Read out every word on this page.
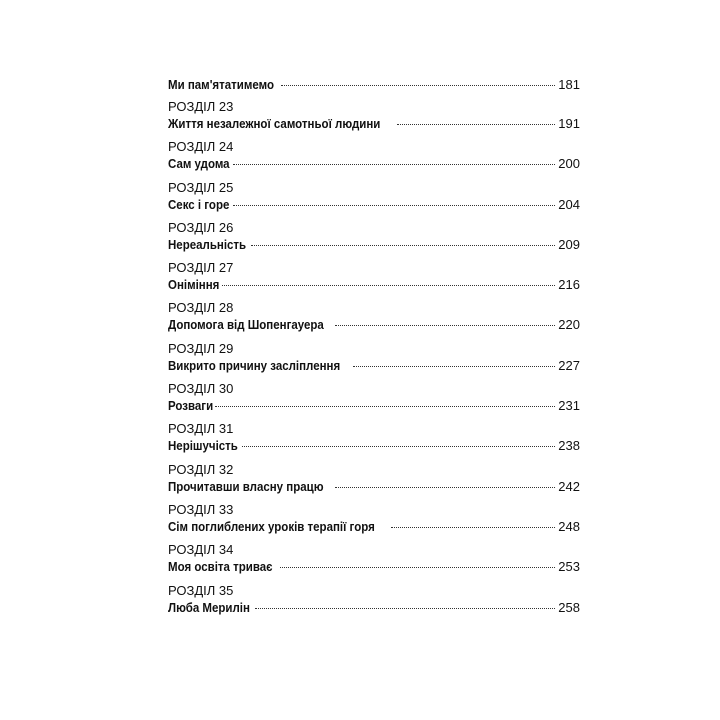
Ми пам'ятатимемо	181
РОЗДІЛ 23
Життя незалежної самотньої людини	191
РОЗДІЛ 24
Сам удома	200
РОЗДІЛ 25
Секс і горе	204
РОЗДІЛ 26
Нереальність	209
РОЗДІЛ 27
Оніміння	216
РОЗДІЛ 28
Допомога від Шопенгауера	220
РОЗДІЛ 29
Викрито причину засліплення	227
РОЗДІЛ 30
Розваги	231
РОЗДІЛ 31
Нерішучість	238
РОЗДІЛ 32
Прочитавши власну працю	242
РОЗДІЛ 33
Сім поглиблених уроків терапії горя	248
РОЗДІЛ 34
Моя освіта триває	253
РОЗДІЛ 35
Люба Мерилін	258
